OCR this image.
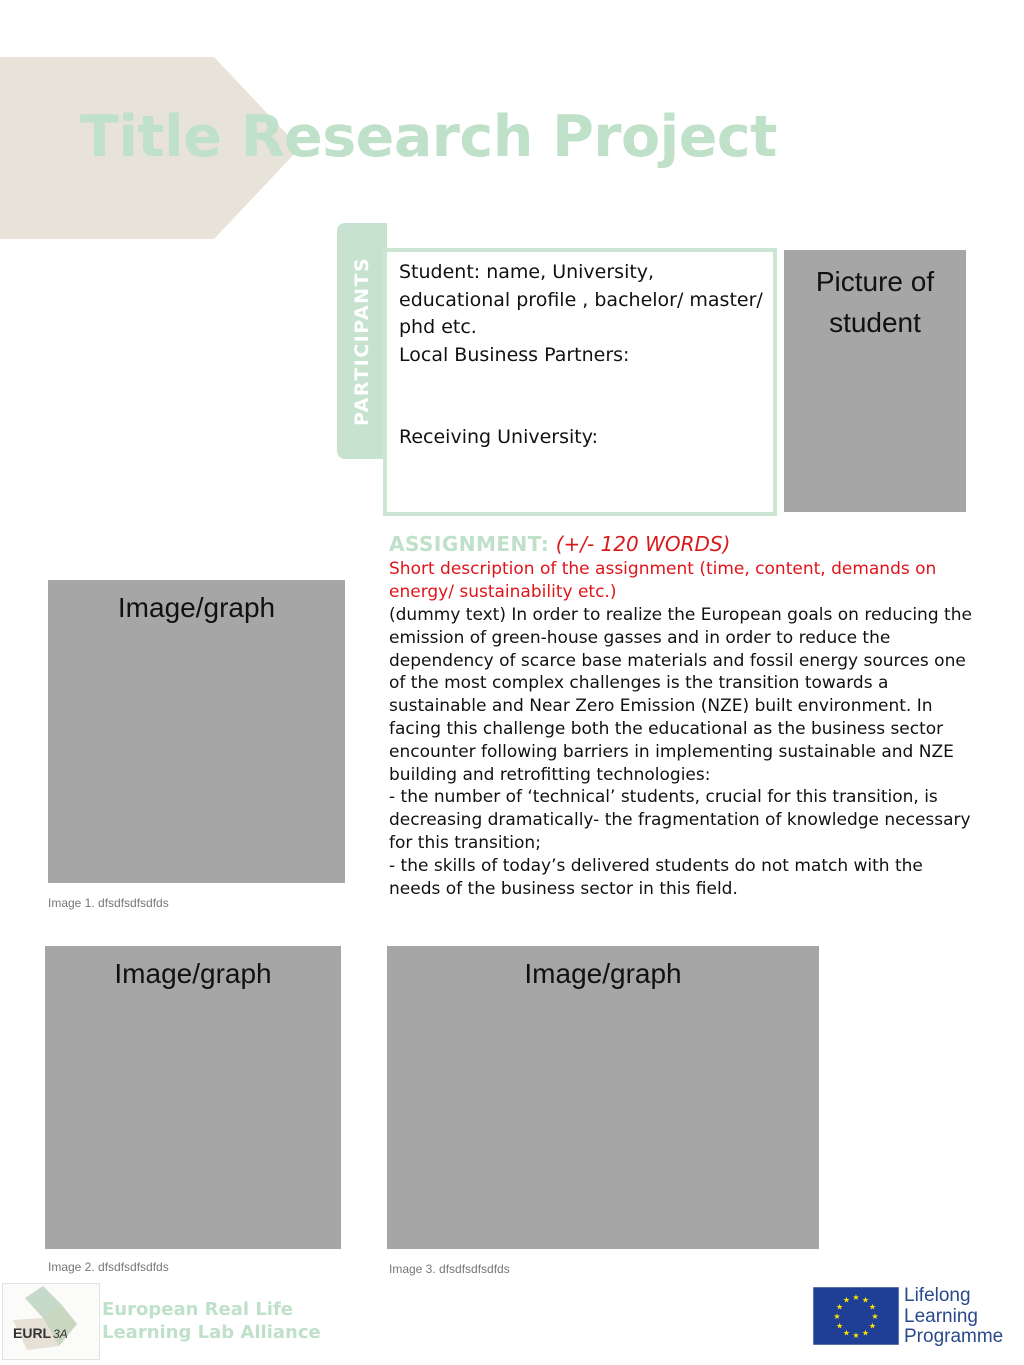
Title Research Project
PARTICIPANTS	Student: name, University, educational profile , bachelor/ master/ phd etc.
Local Business Partners:
Receiving University:
Picture of student
ASSIGNMENT: (+/- 120 WORDS)
Short description of the assignment (time, content, demands on energy/ sustainability etc.)
(dummy text) In order to realize the European goals on reducing the emission of green-house gasses and in order to reduce the dependency of scarce base materials and fossil energy sources one of the most complex challenges is the transition towards a sustainable and Near Zero Emission (NZE) built environment. In facing this challenge both the educational as the business sector encounter following barriers in implementing sustainable and NZE building and retrofitting technologies:
- the number of ‘technical’ students, crucial for this transition, is decreasing dramatically- the fragmentation of knowledge necessary for this transition;
- the skills of today’s delivered students do not match with the needs of the business sector in this field.
Image/graph
Image 1. dfsdfsdfsdfds
Image/graph
Image 2. dfsdfsdfsdfds
Image/graph
Image 3. dfsdfsdfsdfds
EURL 3A
European Real Life
Learning Lab Alliance
★ ★
★
★
★
★
★
★
★
★
★
★	Lifelong
Learning
Programme
